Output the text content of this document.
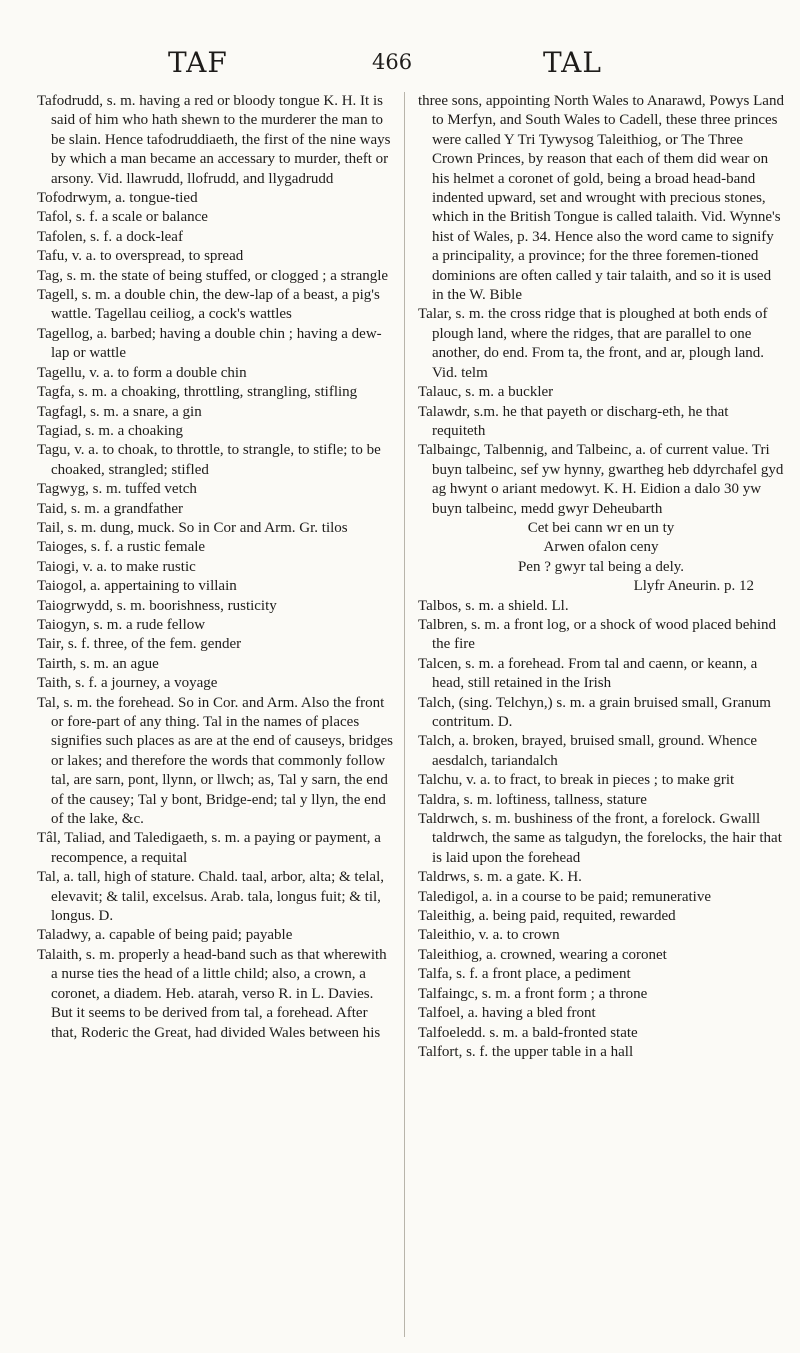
TAF	466	TAL

Tafodrudd, s. m. having a red or bloody tongue K. H. It is said of him who hath shewn to the murderer the man to be slain. Hence tafodruddiaeth, the first of the nine ways by which a man became an accessary to murder, theft or arsony. Vid. llawrudd, llofrudd, and llygadrudd

Tofodrwym, a. tongue-tied

Tafol, s. f. a scale or balance

Tafolen, s. f. a dock-leaf

Tafu, v. a. to overspread, to spread

Tag, s. m. the state of being stuffed, or clogged ; a strangle

Tagell, s. m. a double chin, the dew-lap of a beast, a pig's wattle. Tagellau ceiliog, a cock's wattles

Tagellog, a. barbed; having a double chin ; having a dew-lap or wattle

Tagellu, v. a. to form a double chin

Tagfa, s. m. a choaking, throttling, strangling, stifling

Tagfagl, s. m. a snare, a gin

Tagiad, s. m. a choaking

Tagu, v. a. to choak, to throttle, to strangle, to stifle; to be choaked, strangled; stifled

Tagwyg, s. m. tuffed vetch

Taid, s. m. a grandfather

Tail, s. m. dung, muck. So in Cor and Arm. Gr. tilos

Taioges, s. f. a rustic female

Taiogi, v. a. to make rustic

Taiogol, a. appertaining to villain

Taiogrwydd, s. m. boorishness, rusticity

Taiogyn, s. m. a rude fellow

Tair, s. f. three, of the fem. gender

Tairth, s. m. an ague

Taith, s. f. a journey, a voyage

Tal, s. m. the forehead. So in Cor. and Arm. Also the front or fore-part of any thing. Tal in the names of places signifies such places as are at the end of causeys, bridges or lakes; and therefore the words that commonly follow tal, are sarn, pont, llynn, or llwch; as, Tal y sarn, the end of the causey; Tal y bont, Bridge-end; tal y llyn, the end of the lake, &c.

Tâl, Taliad, and Taledigaeth, s. m. a paying or payment, a recompence, a requital

Tal, a. tall, high of stature. Chald. taal, arbor, alta; & telal, elevavit; & talil, excelsus. Arab. tala, longus fuit; & til, longus. D.

Taladwy, a. capable of being paid; payable

Talaith, s. m. properly a head-band such as that wherewith a nurse ties the head of a little child; also, a crown, a coronet, a diadem. Heb. atarah, verso R. in L. Davies. But it seems to be derived from tal, a forehead. After that, Roderic the Great, had divided Wales between his

three sons, appointing North Wales to Anarawd, Powys Land to Merfyn, and South Wales to Cadell, these three princes were called Y Tri Tywysog Taleithiog, or The Three Crown Princes, by reason that each of them did wear on his helmet a coronet of gold, being a broad head-band indented upward, set and wrought with precious stones, which in the British Tongue is called talaith. Vid. Wynne's hist of Wales, p. 34. Hence also the word came to signify a principality, a province; for the three foremen-tioned dominions are often called y tair talaith, and so it is used in the W. Bible

Talar, s. m. the cross ridge that is ploughed at both ends of plough land, where the ridges, that are parallel to one another, do end. From ta, the front, and ar, plough land. Vid. telm

Talauc, s. m. a buckler

Talawdr, s.m. he that payeth or discharg-eth, he that requiteth

Talbaingc, Talbennig, and Talbeinc, a. of current value. Tri buyn talbeinc, sef yw hynny, gwartheg heb ddyrchafel gyd ag hwynt o ariant medowyt. K. H. Eidion a dalo 30 yw buyn talbeinc, medd gwyr Deheubarth

Cet bei cann wr en un ty

Arwen ofalon ceny

Pen ? gwyr tal being a dely.

Llyfr Aneurin. p. 12

Talbos, s. m. a shield. Ll.

Talbren, s. m. a front log, or a shock of wood placed behind the fire

Talcen, s. m. a forehead. From tal and caenn, or keann, a head, still retained in the Irish

Talch, (sing. Telchyn,) s. m. a grain bruised small, Granum contritum. D.

Talch, a. broken, brayed, bruised small, ground. Whence aesdalch, tariandalch

Talchu, v. a. to fract, to break in pieces ; to make grit

Taldra, s. m. loftiness, tallness, stature

Taldrwch, s. m. bushiness of the front, a forelock. Gwalll taldrwch, the same as talgudyn, the forelocks, the hair that is laid upon the forehead

Taldrws, s. m. a gate. K. H.

Taledigol, a. in a course to be paid; remunerative

Taleithig, a. being paid, requited, rewarded

Taleithio, v. a. to crown

Taleithiog, a. crowned, wearing a coronet

Talfa, s. f. a front place, a pediment

Talfaingc, s. m. a front form ; a throne

Talfoel, a. having a bled front

Talfoeledd. s. m. a bald-fronted state

Talfort, s. f. the upper table in a hall
